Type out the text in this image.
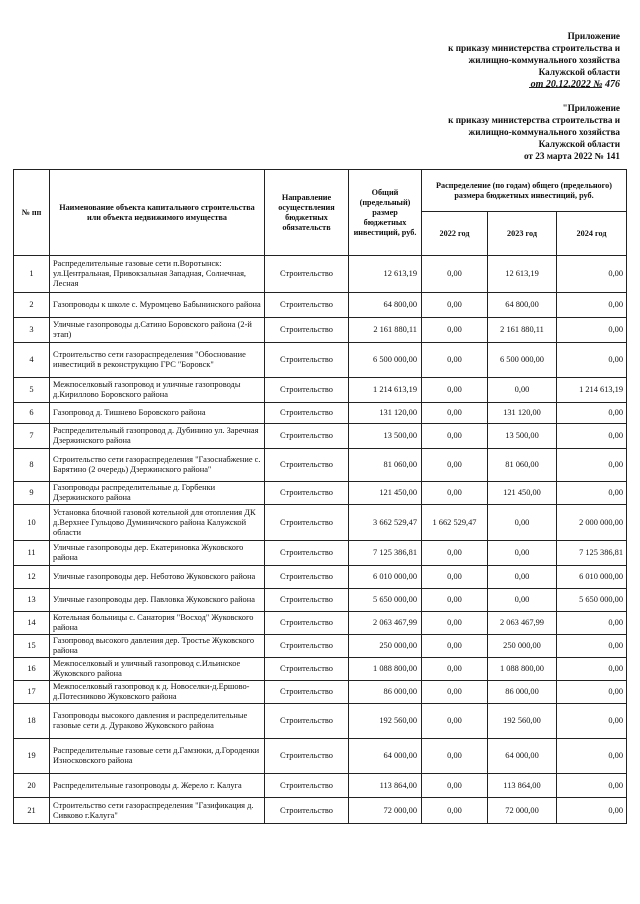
Приложение
к приказу министерства строительства и
жилищно-коммунального хозяйства
Калужской области
от 20.12.2022 № 476
"Приложение
к приказу министерства строительства и
жилищно-коммунального хозяйства
Калужской области
от 23 марта 2022 № 141
№ пп	Наименование объекта капитального строительства или объекта недвижимого имущества	Направление осуществления бюджетных обязательств	Общий (предельный) размер бюджетных инвестиций, руб.	Распределение (по годам) общего (предельного) размера бюджетных инвестиций, руб.		
				2022 год	2023 год	2024 год
1	Распределительные газовые сети п.Воротынск: ул.Центральная, Привокзальная Западная, Солнечная, Лесная	Строительство	12 613,19	0,00	12 613,19	0,00
2	Газопроводы к школе с. Муромцево Бабынинского района	Строительство	64 800,00	0,00	64 800,00	0,00
3	Уличные газопроводы д.Сатино Боровского района (2-й этап)	Строительство	2 161 880,11	0,00	2 161 880,11	0,00
4	Строительство сети газораспределения "Обоснование инвестиций в реконструкцию ГРС "Боровск"	Строительство	6 500 000,00	0,00	6 500 000,00	0,00
5	Межпоселковый газопровод и уличные газопроводы д.Кириллово Боровского района	Строительство	1 214 613,19	0,00	0,00	1 214 613,19
6	Газопровод д. Тишнево Боровского района	Строительство	131 120,00	0,00	131 120,00	0,00
7	Распределительный газопровод д. Дубинино ул. Заречная Дзержинского района	Строительство	13 500,00	0,00	13 500,00	0,00
8	Строительство сети газораспределения "Газоснабжение с. Барятино (2 очередь) Дзержинского района"	Строительство	81 060,00	0,00	81 060,00	0,00
9	Газопроводы распределительные д. Горбенки Дзержинского района	Строительство	121 450,00	0,00	121 450,00	0,00
10	Установка блочной газовой котельной для отопления ДК д.Верхнее Гульцово Думиничского района Калужской области	Строительство	3 662 529,47	1 662 529,47	0,00	2 000 000,00
11	Уличные газопроводы дер. Екатериновка Жуковского района	Строительство	7 125 386,81	0,00	0,00	7 125 386,81
12	Уличные газопроводы дер. Неботово Жуковского района	Строительство	6 010 000,00	0,00	0,00	6 010 000,00
13	Уличные газопроводы дер. Павловка Жуковского района	Строительство	5 650 000,00	0,00	0,00	5 650 000,00
14	Котельная больницы с. Санатория "Восход" Жуковского района	Строительство	2 063 467,99	0,00	2 063 467,99	0,00
15	Газопровод высокого давления дер. Тростье Жуковского района	Строительство	250 000,00	0,00	250 000,00	0,00
16	Межпоселковый и уличный газопровод с.Ильинское Жуковского района	Строительство	1 088 800,00	0,00	1 088 800,00	0,00
17	Межпоселковый газопровод к д. Новоселки-д.Ершово-д.Потесниково Жуковского района	Строительство	86 000,00	0,00	86 000,00	0,00
18	Газопроводы высокого давления и распределительные газовые сети д. Дураково Жуковского района	Строительство	192 560,00	0,00	192 560,00	0,00
19	Распределительные газовые сети д.Гамзюки, д.Городенки Износковского района	Строительство	64 000,00	0,00	64 000,00	0,00
20	Распределительные газопроводы д. Жерело г. Калуга	Строительство	113 864,00	0,00	113 864,00	0,00
21	Строительство сети газораспределения "Газификация д. Сивково г.Калуга"	Строительство	72 000,00	0,00	72 000,00	0,00
